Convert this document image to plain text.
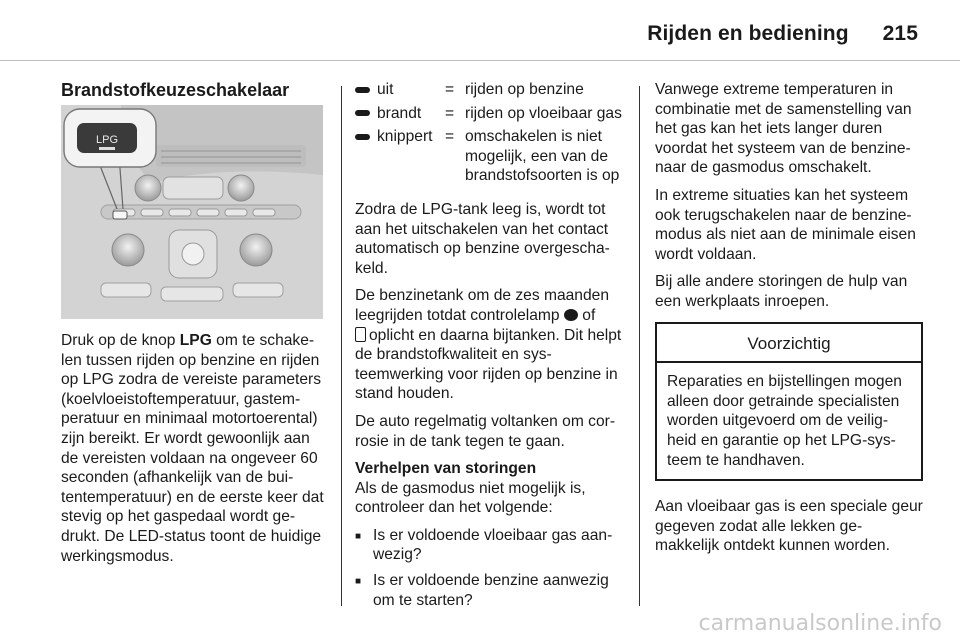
Rijden en bediening 215
Brandstofkeuzeschakelaar
LPG

Druk op de knop LPG om te schake-len tussen rijden op benzine en rijden op LPG zodra de vereiste parameters (koelvloeistoftemperatuur, gastem-peratuur en minimaal motortoerental) zijn bereikt. Er wordt gewoonlijk aan de vereisten voldaan na ongeveer 60 seconden (afhankelijk van de bui-tentemperatuur) en de eerste keer dat stevig op het gaspedaal wordt ge-drukt. De LED-status toont de huidige werkingsmodus.

uit	=	rijden op benzine
brandt	=	rijden op vloeibaar gas
knippert	=	omschakelen is niet mogelijk, een van de brandstofsoorten is op

Zodra de LPG-tank leeg is, wordt tot aan het uitschakelen van het contact automatisch op benzine overgescha-keld.

De benzinetank om de zes maanden leegrijden totdat controlelamp of
oplicht en daarna bijtanken. Dit helpt de brandstofkwaliteit en sys-teemwerking voor rijden op benzine in stand houden.

De auto regelmatig voltanken om cor-rosie in de tank tegen te gaan.

Verhelpen van storingen

Als de gasmodus niet mogelijk is, controleer dan het volgende:

■ Is er voldoende vloeibaar gas aan-wezig?
■ Is er voldoende benzine aanwezig om te starten?

Vanwege extreme temperaturen in combinatie met de samenstelling van het gas kan het iets langer duren voordat het systeem van de benzine-naar de gasmodus omschakelt.

In extreme situaties kan het systeem ook terugschakelen naar de benzine-modus als niet aan de minimale eisen wordt voldaan.

Bij alle andere storingen de hulp van een werkplaats inroepen.

Voorzichtig
Reparaties en bijstellingen mogen alleen door getrainde specialisten worden uitgevoerd om de veilig-heid en garantie op het LPG-sys-teem te handhaven.

Aan vloeibaar gas is een speciale geur gegeven zodat alle lekken ge-makkelijk ontdekt kunnen worden.

carmanualsonline.info
